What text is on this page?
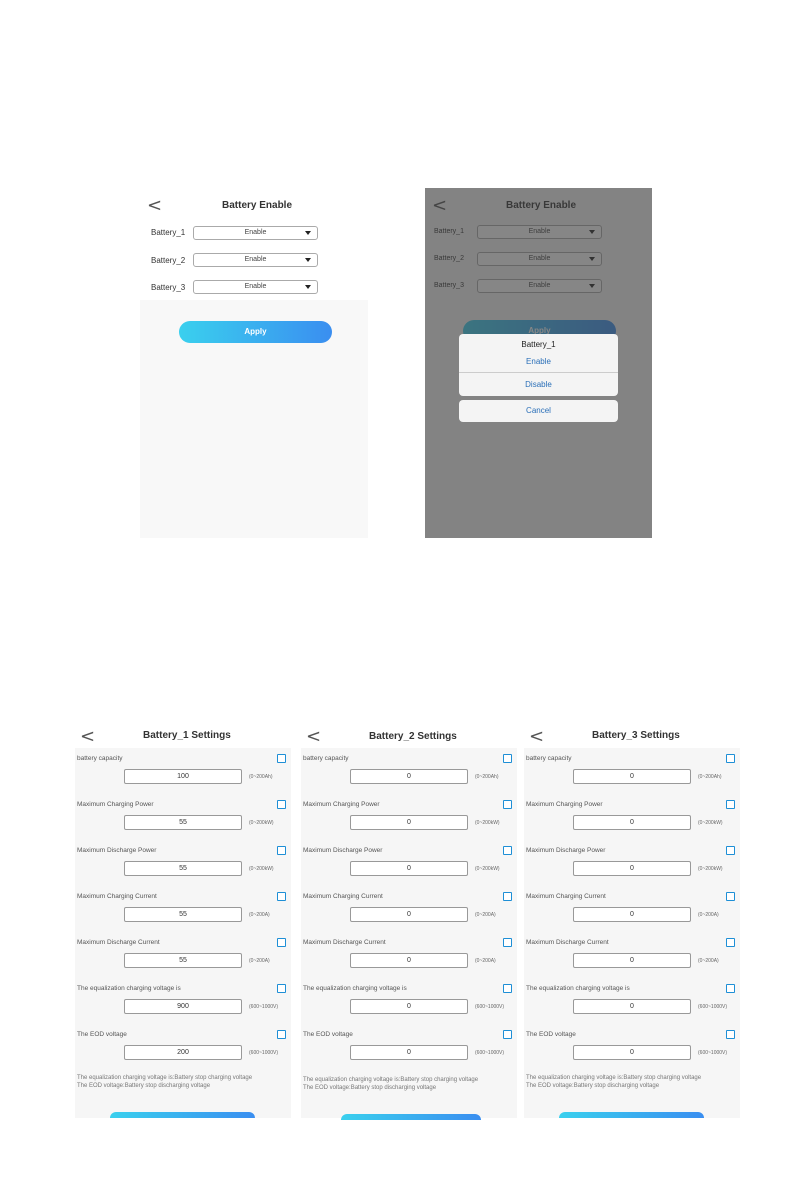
<	Battery Enable
Battery_1	Enable
Battery_2	Enable
Battery_3	Enable
Apply
Battery_1
Enable
Disable
Cancel
<	Battery_1 Settings
battery capacity
100	(0~200Ah)
Maximum Charging Power
55	(0~200kW)
Maximum Discharge Power
55	(0~200kW)
Maximum Charging Current
55	(0~200A)
Maximum Discharge Current
55	(0~200A)
The equalization charging voltage is
900	(600~1000V)
The EOD voltage
200	(600~1000V)
The equalization charging voltage is:Battery stop charging voltage
The EOD voltage:Battery stop discharging voltage
<	Battery_2 Settings
battery capacity
0	(0~200Ah)
Maximum Charging Power
0	(0~200kW)
Maximum Discharge Power
0	(0~200kW)
Maximum Charging Current
0	(0~200A)
Maximum Discharge Current
0	(0~200A)
The equalization charging voltage is
0	(600~1000V)
The EOD voltage
0	(600~1000V)
The equalization charging voltage is:Battery stop charging voltage
The EOD voltage:Battery stop discharging voltage
<	Battery_3 Settings
battery capacity
0	(0~200Ah)
Maximum Charging Power
0	(0~200kW)
Maximum Discharge Power
0	(0~200kW)
Maximum Charging Current
0	(0~200A)
Maximum Discharge Current
0	(0~200A)
The equalization charging voltage is
0	(600~1000V)
The EOD voltage
0	(600~1000V)
The equalization charging voltage is:Battery stop charging voltage
The EOD voltage:Battery stop discharging voltage
